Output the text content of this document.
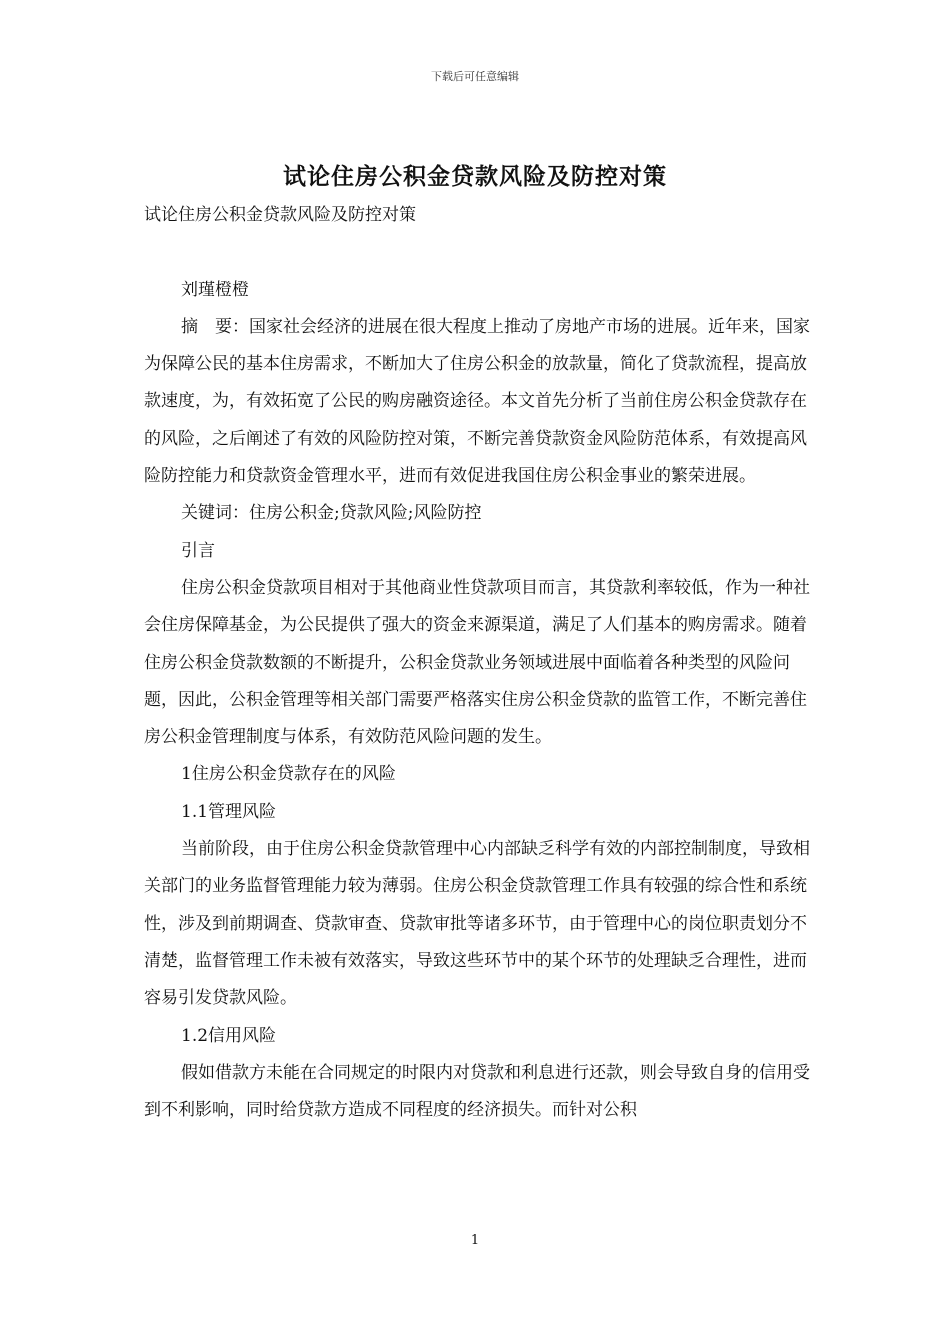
下载后可任意编辑
试论住房公积金贷款风险及防控对策

试论住房公积金贷款风险及防控对策

刘瑾橙橙

摘　要：国家社会经济的进展在很大程度上推动了房地产市场的进展。近年来，国家为保障公民的基本住房需求，不断加大了住房公积金的放款量，简化了贷款流程，提高放款速度，为，有效拓宽了公民的购房融资途径。本文首先分析了当前住房公积金贷款存在的风险，之后阐述了有效的风险防控对策，不断完善贷款资金风险防范体系，有效提高风险防控能力和贷款资金管理水平，进而有效促进我国住房公积金事业的繁荣进展。

关键词：住房公积金;贷款风险;风险防控

引言

住房公积金贷款项目相对于其他商业性贷款项目而言，其贷款利率较低，作为一种社会住房保障基金，为公民提供了强大的资金来源渠道，满足了人们基本的购房需求。随着住房公积金贷款数额的不断提升，公积金贷款业务领域进展中面临着各种类型的风险问题，因此，公积金管理等相关部门需要严格落实住房公积金贷款的监管工作，不断完善住房公积金管理制度与体系，有效防范风险问题的发生。

1住房公积金贷款存在的风险

1.1管理风险

当前阶段，由于住房公积金贷款管理中心内部缺乏科学有效的内部控制制度，导致相关部门的业务监督管理能力较为薄弱。住房公积金贷款管理工作具有较强的综合性和系统性，涉及到前期调查、贷款审查、贷款审批等诸多环节，由于管理中心的岗位职责划分不清楚，监督管理工作未被有效落实，导致这些环节中的某个环节的处理缺乏合理性，进而容易引发贷款风险。

1.2信用风险

假如借款方未能在合同规定的时限内对贷款和利息进行还款，则会导致自身的信用受到不利影响，同时给贷款方造成不同程度的经济损失。而针对公积

1
